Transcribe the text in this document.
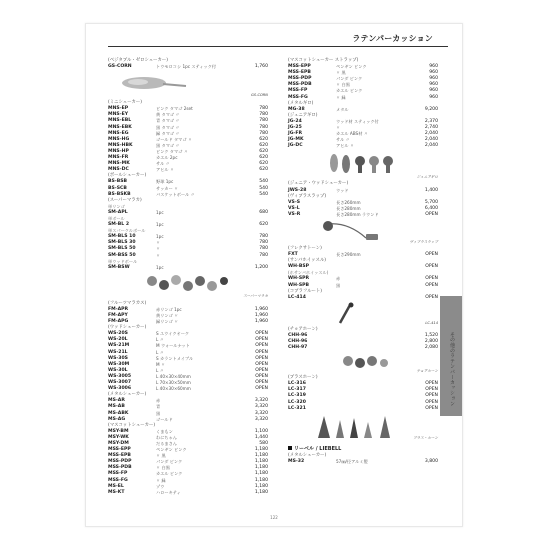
ラテンパーカッション
(ベジタブル・ゼロシェーカー)
GS-CORN	トウモロコシ 1pc スティック付	1,760
GS-CORN
(ミニシェーカー)
MNS-EP	ピンク タマゴ 2set	780
MNS-EY	黄 タマゴ 〃	780
MNS-EBL	青 タマゴ 〃	780
MNS-EBK	黒 タマゴ 〃	780
MNS-EG	緑 タマゴ 〃	780
MNS-HG	ゴールド タマゴ 〃	620
MNS-HBK	黒 タマゴ 〃	620
MNS-HP	ピンク タマゴ 〃	620
MNS-FR	カエル 2pc	620
MNS-MK	サル 〃	620
MNS-DC	アヒル 〃	620
(ボールシェーカー)
BS-BSB	野球 1pc	540
BS-SCB	サッカー 〃	540
BS-BSKB	バスケットボール 〃	540
(スーパーマラカ)
単リンゴ
SM-APL	1pc	680
単ボール
SM-BL 2	1pc	620
単スパークルボール
SM-BLS 10	1pc	780
SM-BLS 30	〃	780
SM-BLS 50	〃	780
SM-BSS 50	〃	780
単ウッドボール
SM-BSW	1pc	1,200
スーパーマラカ
(フルーツマラカス)
FM-APR	赤リンゴ 1pc	1,960
FM-APY	黄リンゴ 〃	1,960
FM-APG	緑リンゴ 〃	1,960
(ウッドシェーカー)
WS-20S	S ユウイクオーク	OPEN
WS-20L	L 〃	OPEN
WS-21M	M ウォールナット	OPEN
WS-21L	L 〃	OPEN
WS-30S	S カラントメイプル	OPEN
WS-30M	M 〃	OPEN
WS-30L	L 〃	OPEN
WS-3005	L 40×30×40mm	OPEN
WS-3007	L 70×30×50mm	OPEN
WS-3006	L 40×30×60mm	OPEN
(メタルシェーカー)
MS-AR	赤	3,320
MS-AB	青	3,320
MS-ABK	黒	3,320
MS-AG	ゴールド	3,320
(マスコットシェーカー)
MSY-BM	くまもン	1,100
MSY-WK	わにちゃん	1,440
MSY-DM	だるまさん	580
MSS-EPP	ペンギン ピンク	1,180
MSS-EPB	〃 黒	1,180
MSS-PDP	パンダ ピンク	1,180
MSS-PDB	〃 白黒	1,180
MSS-FP	カエル ピンク	1,180
MSS-FG	〃 緑	1,180
MS-EL	ゾウ	1,180
MS-KT	ハローキティ	1,180
(マスコットシェーカー ストラップ)
MSS-EPP	ペンギン ピンク	960
MSS-EPB	〃 黒	960
MSS-PDP	パンダ ピンク	960
MSS-PDB	〃 白黒	960
MSS-FP	カエル ピンク	960
MSS-FG	〃 緑	960
(メタルギロ)
MG-38	メタル	9,200
(ジュニアギロ)
JG-24	ウッド材 スティック付	2,370
JG-25	〃	2,740
JG-FR	カエル ABS材 〃	2,040
JG-MK	サル 〃	2,040
JG-DC	アヒル 〃	2,040
ジュニアギロ
(ジュニア・ウッドシェーカー)
JWS-28	ウッド	1,400
(ヴィブラスラップ)
VS-S	長さ260mm	5,700
VS-L	長さ280mm	6,400
VS-R	長さ280mm ラウンド	OPEN
ヴィブラスラップ
(フレクサトーン)
FXT	長さ290mm	OPEN
(サンバホイッスル)
WH-BSP	OPEN
(ホサンバホイッスル)
WH-SPR	赤	OPEN
WH-SPB	黒	OPEN
(コブラフルート)
LC-414	OPEN
LC-414
(チョアホーン)
CHH-96	1,520
CHH-96	2,800
CHH-97	2,080
チョアホーン
(ブラスホーン)
LC-316	OPEN
LC-317	OPEN
LC-319	OPEN
LC-320	OPEN
LC-321	OPEN
ブラス・ホーン
リーベル / LIEBELL
(メタルシェーカー)
MS-32	57㎜/径アルミ製	3,800
その他のラテンパーカッション
122
